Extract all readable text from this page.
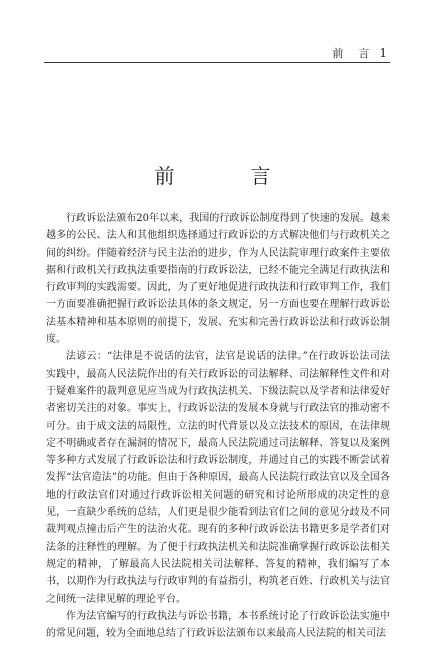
前　言 1
前　言

行政诉讼法颁布20年以来，我国的行政诉讼制度得到了快速的发展。越来越多的公民、法人和其他组织选择通过行政诉讼的方式解决他们与行政机关之间的纠纷。伴随着经济与民主法治的进步，作为人民法院审理行政案件主要依据和行政机关行政执法重要指南的行政诉讼法，已经不能完全满足行政执法和行政审判的实践需要。因此，为了更好地促进行政执法和行政审判工作，我们一方面要准确把握行政诉讼法具体的条文规定，另一方面也要在理解行政诉讼法基本精神和基本原则的前提下，发展、充实和完善行政诉讼法和行政诉讼制度。

法谚云：“法律是不说话的法官，法官是说话的法律。”在行政诉讼法司法实践中，最高人民法院作出的有关行政诉讼的司法解释、司法解释性文件和对于疑难案件的裁判意见应当成为行政执法机关、下级法院以及学者和法律爱好者密切关注的对象。事实上，行政诉讼法的发展本身就与行政法官的推动密不可分。由于成文法的局限性，立法的时代背景以及立法技术的原因，在法律规定不明确或者存在漏洞的情况下，最高人民法院通过司法解释、答复以及案例等多种方式发展了行政诉讼法和行政诉讼制度，并通过自己的实践不断尝试着发挥“法官造法”的功能。但由于各种原因，最高人民法院行政法官以及全国各地的行政法官们对通过行政诉讼相关问题的研究和讨论所形成的决定性的意见，一直缺少系统的总结，人们更是很少能看到法官们之间的意见分歧及不同裁判观点撞击后产生的法治火花。现有的多种行政诉讼法书籍更多是学者们对法条的注释性的理解。为了便于行政执法机关和法院准确掌握行政诉讼法相关规定的精神，了解最高人民法院相关司法解释、答复的精神，我们编写了本书，以期作为行政执法与行政审判的有益指引，构筑老百姓、行政机关与法官之间统一法律见解的理论平台。

作为法官编写的行政执法与诉讼书籍，本书系统讨论了行政诉讼法实施中的常见问题，较为全面地总结了行政诉讼法颁布以来最高人民法院的相关司法
